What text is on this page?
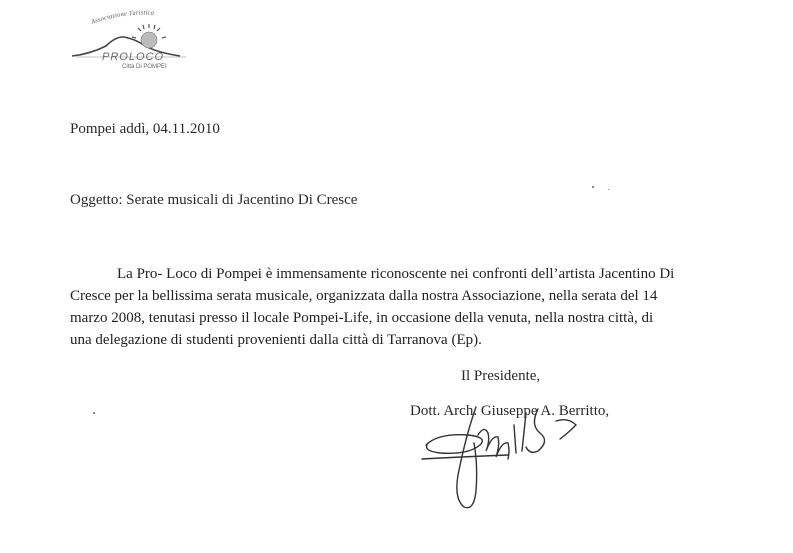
Associazione Turistica
PROLOCO
Città Di POMPEI
Pompei addì, 04.11.2010
Oggetto: Serate musicali di Jacentino Di Cresce
La Pro- Loco di Pompei è immensamente riconoscente nei confronti dell’artista Jacentino Di
Cresce per la bellissima serata musicale, organizzata dalla nostra Associazione, nella serata del 14
marzo 2008, tenutasi presso il locale Pompei-Life, in occasione della venuta, nella nostra città, di
una delegazione di studenti provenienti dalla città di Tarranova (Ep).
Il Presidente,
Dott. Arch. Giuseppe A. Berritto,
